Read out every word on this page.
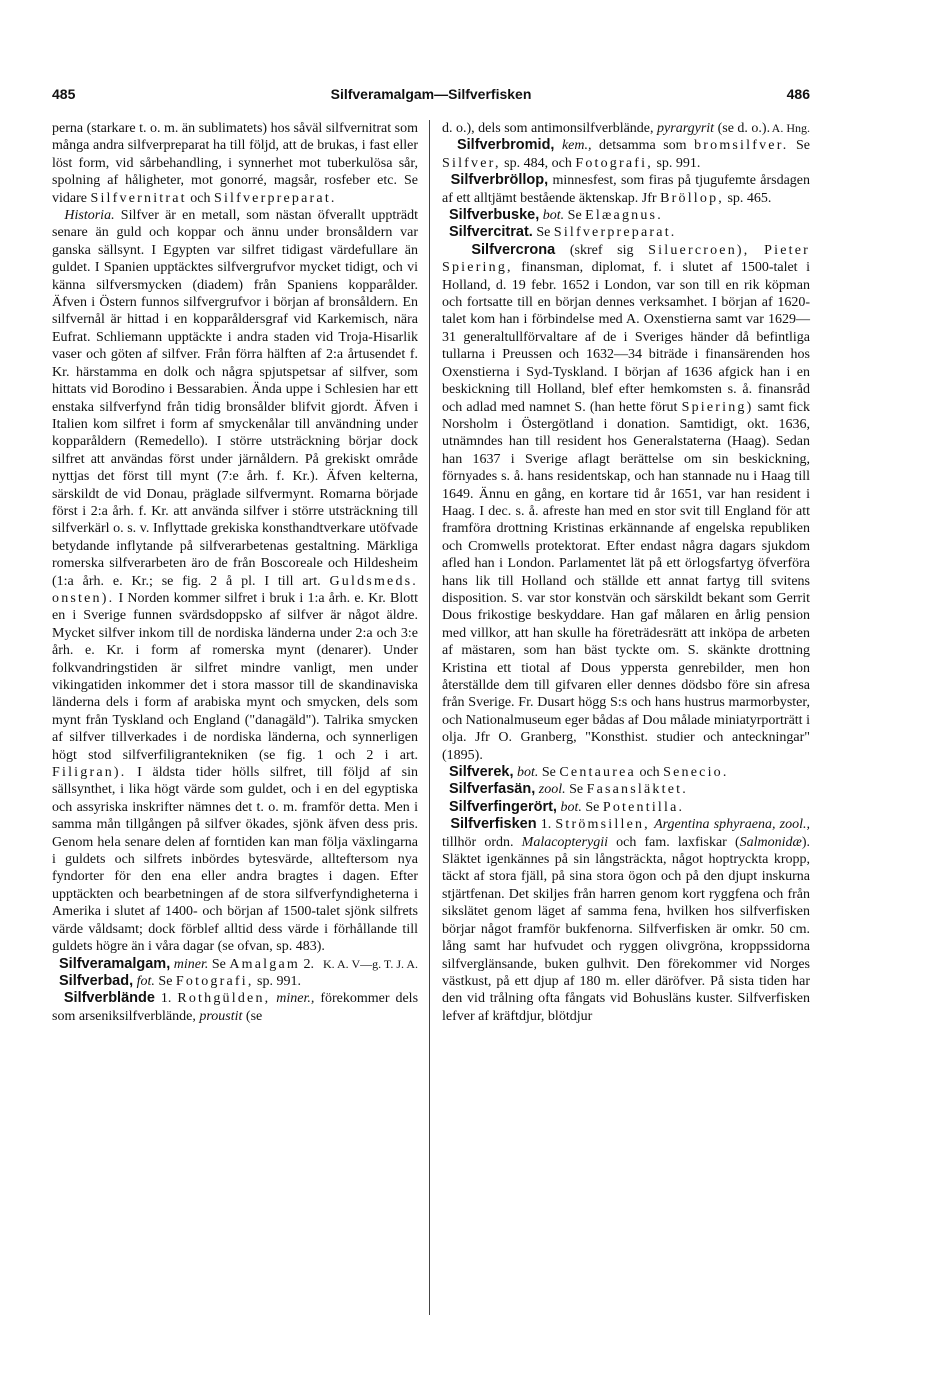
485	Silfveramalgam—Silfverfisken	486

perna (starkare t. o. m. än sublimatets) hos såväl silfvernitrat som många andra silfverpreparat ha till följd, att de brukas, i fast eller löst form, vid sårbehandling, i synnerhet mot tuberkulösa sår, spolning af håligheter, mot gonorré, magsår, rosfeber etc. Se vidare Silfvernitrat och Silfverpreparat.

Historia. Silfver är en metall, som nästan öfverallt uppträdt senare än guld och koppar och ännu under bronsåldern var ganska sällsynt. I Egypten var silfret tidigast värdefullare än guldet. I Spanien upptäcktes silfvergrufvor mycket tidigt, och vi känna silfversmycken (diadem) från Spaniens kopparålder. Äfven i Östern funnos silfvergrufvor i början af bronsåldern. En silfvernål är hittad i en kopparåldersgraf vid Karkemisch, nära Eufrat. Schliemann upptäckte i andra staden vid Troja-Hisarlik vaser och göten af silfver. Från förra hälften af 2:a årtusendet f. Kr. härstamma en dolk och några spjutspetsar af silfver, som hittats vid Borodino i Bessarabien. Ända uppe i Schlesien har ett enstaka silfverfynd från tidig bronsålder blifvit gjordt. Äfven i Italien kom silfret i form af smyckenålar till användning under kopparåldern (Remedello). I större utsträckning börjar dock silfret att användas först under järnåldern. På grekiskt område nyttjas det först till mynt (7:e årh. f. Kr.). Äfven kelterna, särskildt de vid Donau, präglade silfvermynt. Romarna började först i 2:a årh. f. Kr. att använda silfver i större utsträckning till silfverkärl o. s. v. Inflyttade grekiska konsthandtverkare utöfvade betydande inflytande på silfverarbetenas gestaltning. Märkliga romerska silfverarbeten äro de från Boscoreale och Hildesheim (1:a årh. e. Kr.; se fig. 2 å pl. I till art. Guldsmeds. onsten). I Norden kommer silfret i bruk i 1:a årh. e. Kr. Blott en i Sverige funnen svärdsdoppsko af silfver är något äldre. Mycket silfver inkom till de nordiska länderna under 2:a och 3:e årh. e. Kr. i form af romerska mynt (denarer). Under folkvandringstiden är silfret mindre vanligt, men under vikingatiden inkommer det i stora massor till de skandinaviska länderna dels i form af arabiska mynt och smycken, dels som mynt från Tyskland och England ("danagäld"). Talrika smycken af silfver tillverkades i de nordiska länderna, och synnerligen högt stod silfverfiligrantekniken (se fig. 1 och 2 i art. Filigran). I äldsta tider hölls silfret, till följd af sin sällsynthet, i lika högt värde som guldet, och i en del egyptiska och assyriska inskrifter nämnes det t. o. m. framför detta. Men i samma mån tillgången på silfver ökades, sjönk äfven dess pris. Genom hela senare delen af forntiden kan man följa växlingarna i guldets och silfrets inbördes bytesvärde, allteftersom nya fyndorter för den ena eller andra bragtes i dagen. Efter upptäckten och bearbetningen af de stora silfverfyndigheterna i Amerika i slutet af 1400- och början af 1500-talet sjönk silfrets värde våldsamt; dock förblef alltid dess värde i förhållande till guldets högre än i våra dagar (se ofvan, sp. 483).
K. A. V—g. T. J. A.

Silfveramalgam, miner. Se Amalgam 2.

Silfverbad, fot. Se Fotografi, sp. 991.

Silfverblände 1. Rothgülden, miner., förekommer dels som arseniksilfverblände, proustit (se

d. o.), dels som antimonsilfverblände, pyrargyrit (se d. o.). A. Hng.

Silfverbromid, kem., detsamma som bromsilfver. Se Silfver, sp. 484, och Fotografi, sp. 991.

Silfverbröllop, minnesfest, som firas på tjugufemte årsdagen af ett alltjämt bestående äktenskap. Jfr Bröllop, sp. 465.

Silfverbuske, bot. Se Elæagnus.

Silfvercitrat. Se Silfverpreparat.

Silfvercrona (skref sig Siluercroen), Pieter Spiering, finansman, diplomat, f. i slutet af 1500-talet i Holland, d. 19 febr. 1652 i London, var son till en rik köpman och fortsatte till en början dennes verksamhet. I början af 1620-talet kom han i förbindelse med A. Oxenstierna samt var 1629—31 generaltullförvaltare af de i Sveriges händer då befintliga tullarna i Preussen och 1632—34 biträde i finansärenden hos Oxenstierna i Syd-Tyskland. I början af 1636 afgick han i en beskickning till Holland, blef efter hemkomsten s. å. finansråd och adlad med namnet S. (han hette förut Spiering) samt fick Norsholm i Östergötland i donation. Samtidigt, okt. 1636, utnämndes han till resident hos Generalstaterna (Haag). Sedan han 1637 i Sverige aflagt berättelse om sin beskickning, förnyades s. å. hans residentskap, och han stannade nu i Haag till 1649. Ännu en gång, en kortare tid år 1651, var han resident i Haag. I dec. s. å. afreste han med en stor svit till England för att framföra drottning Kristinas erkännande af engelska republiken och Cromwells protektorat. Efter endast några dagars sjukdom afled han i London. Parlamentet lät på ett örlogsfartyg öfverföra hans lik till Holland och ställde ett annat fartyg till svitens disposition. S. var stor konstvän och särskildt bekant som Gerrit Dous frikostige beskyddare. Han gaf målaren en årlig pension med villkor, att han skulle ha företrädesrätt att inköpa de arbeten af mästaren, som han bäst tyckte om. S. skänkte drottning Kristina ett tiotal af Dous yppersta genrebilder, men hon återställde dem till gifvaren eller dennes dödsbo före sin afresa från Sverige. Fr. Dusart högg S:s och hans hustrus marmorbyster, och Nationalmuseum eger bådas af Dou målade miniatyrporträtt i olja. Jfr O. Granberg, "Konsthist. studier och anteckningar" (1895).

Silfverek, bot. Se Centaurea och Senecio.

Silfverfasän, zool. Se Fasansläktet.

Silfverfingerört, bot. Se Potentilla.

Silfverfisken 1. Strömsillen, Argentina sphyraena, zool., tillhör ordn. Malacopterygii och fam. laxfiskar (Salmonidæ). Släktet igenkännes på sin långsträckta, något hoptryckta kropp, täckt af stora fjäll, på sina stora ögon och på den djupt inskurna stjärtfenan. Det skiljes från harren genom kort ryggfena och från sikslätet genom läget af samma fena, hvilken hos silfverfisken börjar något framför bukfenorna. Silfverfisken är omkr. 50 cm. lång samt har hufvudet och ryggen olivgröna, kroppssidorna silfverglänsande, buken gulhvit. Den förekommer vid Norges västkust, på ett djup af 180 m. eller däröfver. På sista tiden har den vid trålning ofta fångats vid Bohusläns kuster. Silfverfisken lefver af kräftdjur, blötdjur
